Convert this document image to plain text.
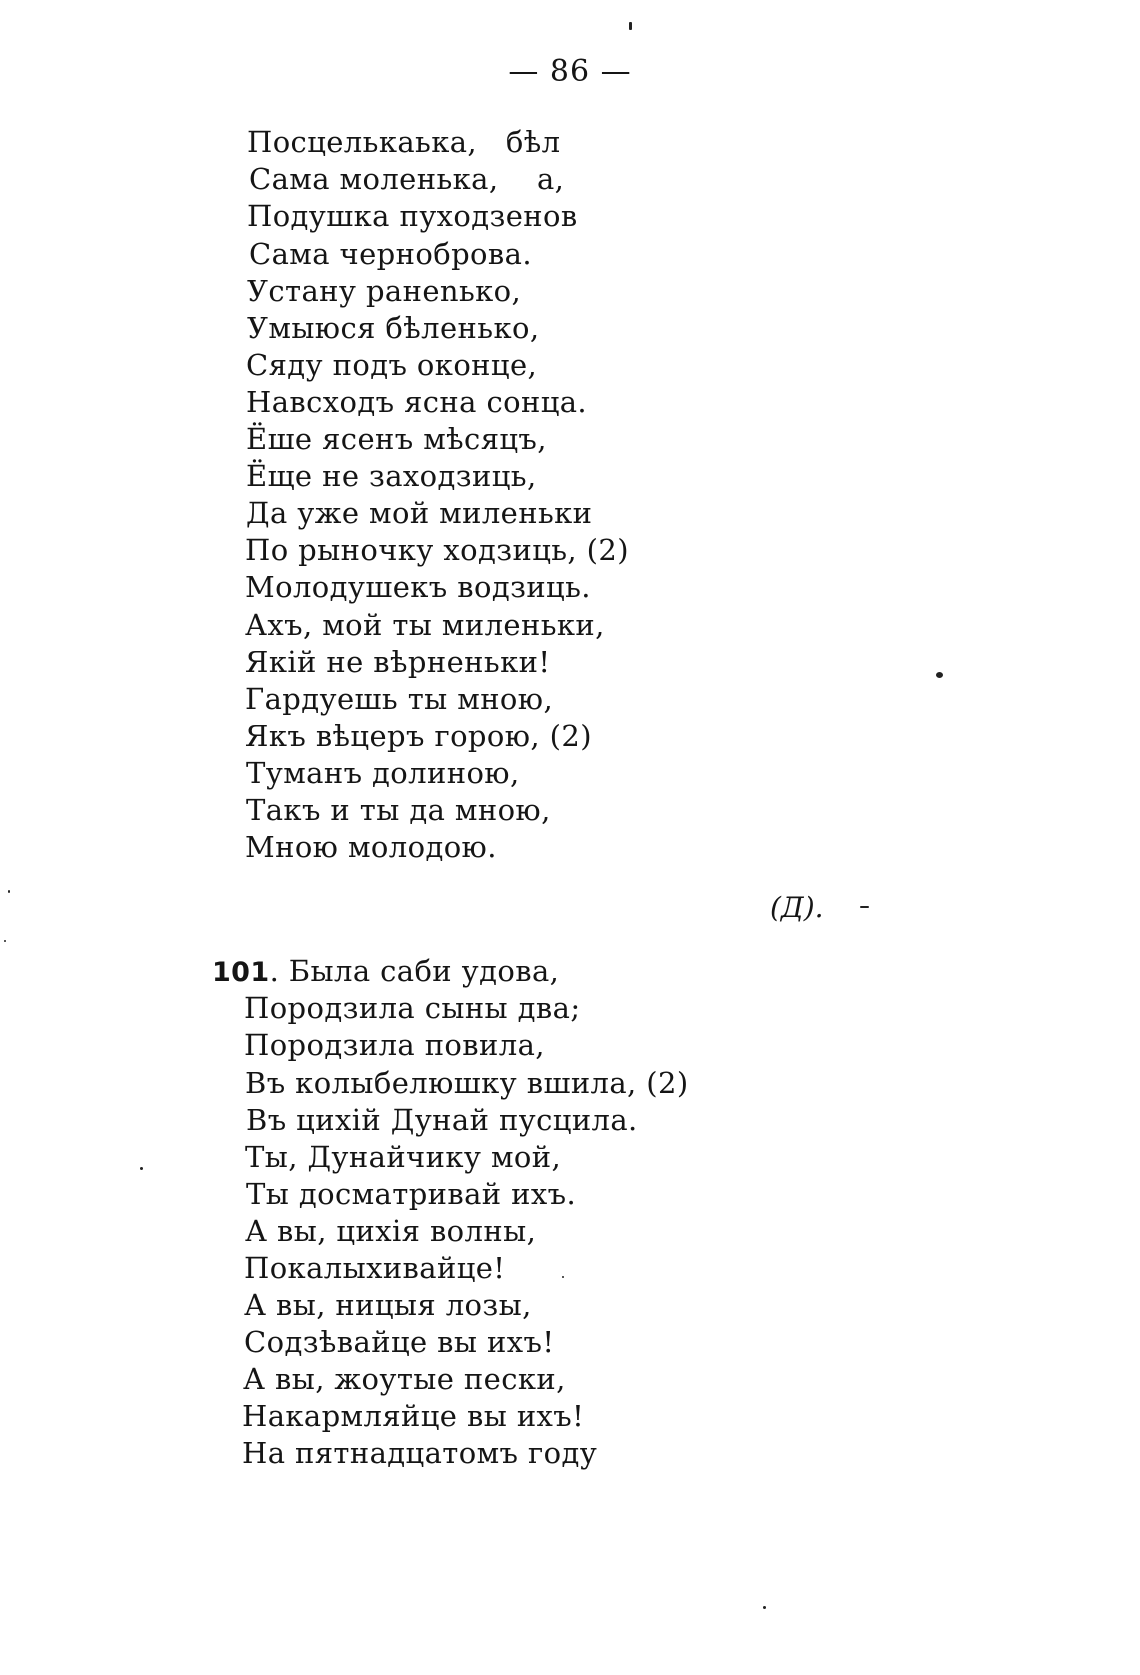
— 86 —
Посцелькаька,   бѣл
Сама моленька,    а,
Подушка пуходзенов
Сама черноброва.
Устану ранenько,
Умыюся бѣленько,
Сяду подъ оконце,
Навсходъ ясна сонца.
Ёше ясенъ мѣсяцъ,
Ёще не заходзиць,
Да уже мой миленьки
По рыночку ходзиць, (2)
Молодушекъ водзиць.
Ахъ, мой ты миленьки,
Якiй не вѣрненьки!
Гардуешь ты мною,
Якъ вѣцеръ горою, (2)
Туманъ долиною,
Такъ и ты да мною,
Мною молодою.
(Д).
101. Была саби удова,
Породзила сыны два;
Породзила повила,
Въ колыбелюшку вшила, (2)
Въ цихiй Дунай пусцила.
Ты, Дунайчику мой,
Ты досматривай ихъ.
А вы, цихiя волны,
Покалыхивайце!
А вы, ницыя лозы,
Содзѣвайце вы ихъ!
А вы, жоутые пески,
Накармляйце вы ихъ!
На пятнадцатомъ году
